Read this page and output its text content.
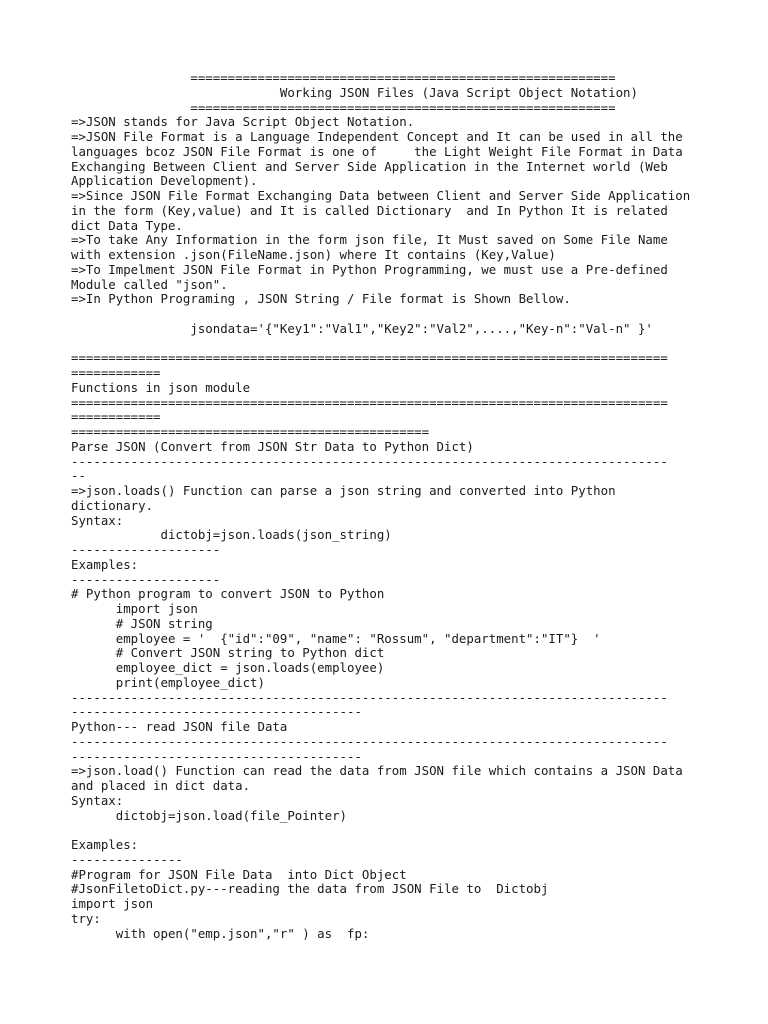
=========================================================
Working JSON Files (Java Script Object Notation)
=========================================================
=>JSON stands for Java Script Object Notation.
=>JSON File Format is a Language Independent Concept and It can be used in all the
languages bcoz JSON File Format is one of     the Light Weight File Format in Data
Exchanging Between Client and Server Side Application in the Internet world (Web
Application Development).
=>Since JSON File Format Exchanging Data between Client and Server Side Application
in the form (Key,value) and It is called Dictionary  and In Python It is related
dict Data Type.
=>To take Any Information in the form json file, It Must saved on Some File Name
with extension .json(FileName.json) where It contains (Key,Value)
=>To Impelment JSON File Format in Python Programming, we must use a Pre-defined
Module called "json".
=>In Python Programing , JSON String / File format is Shown Bellow.
jsondata='{"Key1":"Val1","Key2":"Val2",....,"Key-n":"Val-n" }'
================================================================================
============
Functions in json module
================================================================================
============
================================================
Parse JSON (Convert from JSON Str Data to Python Dict)
--------------------------------------------------------------------------------
--
=>json.loads() Function can parse a json string and converted into Python
dictionary.
Syntax:
dictobj=json.loads(json_string)
--------------------
Examples:
--------------------
# Python program to convert JSON to Python
import json
# JSON string
employee = '  {"id":"09", "name": "Rossum", "department":"IT"}  '
# Convert JSON string to Python dict
employee_dict = json.loads(employee)
print(employee_dict)
--------------------------------------------------------------------------------
---------------------------------------
Python--- read JSON file Data
--------------------------------------------------------------------------------
---------------------------------------
=>json.load() Function can read the data from JSON file which contains a JSON Data
and placed in dict data.
Syntax:
dictobj=json.load(file_Pointer)
Examples:
---------------
#Program for JSON File Data  into Dict Object
#JsonFiletoDict.py---reading the data from JSON File to  Dictobj
import json
try:
with open("emp.json","r" ) as  fp:
